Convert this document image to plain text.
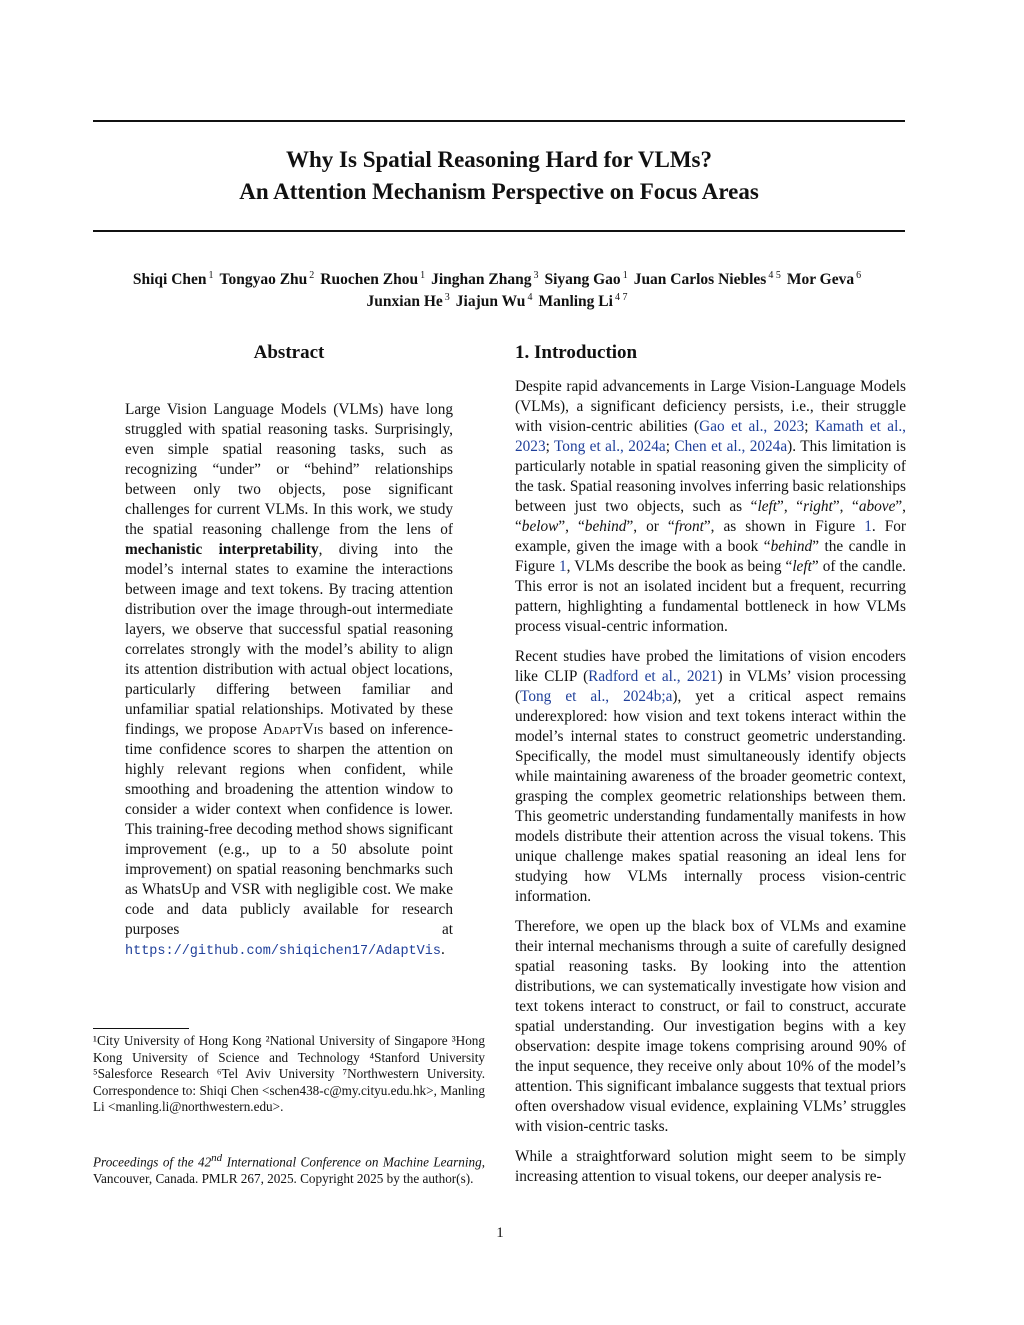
Why Is Spatial Reasoning Hard for VLMs?
An Attention Mechanism Perspective on Focus Areas
Shiqi Chen $^1$ Tongyao Zhu $^2$ Ruochen Zhou $^1$ Jinghan Zhang $^3$ Siyang Gao $^1$ Juan Carlos Niebles $^{4 5}$ Mor Geva $^6$
Junxian He $^3$ Jiajun Wu $^4$ Manling Li $^{4 7}$
Abstract
Large Vision Language Models (VLMs) have long struggled with spatial reasoning tasks. Surprisingly, even simple spatial reasoning tasks, such as recognizing “under” or “behind” relationships between only two objects, pose significant challenges for current VLMs. In this work, we study the spatial reasoning challenge from the lens of mechanistic interpretability, diving into the model’s internal states to examine the interactions between image and text tokens. By tracing attention distribution over the image through-out intermediate layers, we observe that successful spatial reasoning correlates strongly with the model’s ability to align its attention distribution with actual object locations, particularly differing between familiar and unfamiliar spatial relationships. Motivated by these findings, we propose AdaptVis based on inference-time confidence scores to sharpen the attention on highly relevant regions when confident, while smoothing and broadening the attention window to consider a wider context when confidence is lower. This training-free decoding method shows significant improvement (e.g., up to a 50 absolute point improvement) on spatial reasoning benchmarks such as WhatsUp and VSR with negligible cost. We make code and data publicly available for research purposes at https://github.com/shiqichen17/AdaptVis.
¹City University of Hong Kong ²National University of Singapore ³Hong Kong University of Science and Technology ⁴Stanford University ⁵Salesforce Research ⁶Tel Aviv University ⁷Northwestern University. Correspondence to: Shiqi Chen <schen438-c@my.cityu.edu.hk>, Manling Li <manling.li@northwestern.edu>.
Proceedings of the 42nd International Conference on Machine Learning, Vancouver, Canada. PMLR 267, 2025. Copyright 2025 by the author(s).
1. Introduction

Despite rapid advancements in Large Vision-Language Models (VLMs), a significant deficiency persists, i.e., their struggle with vision-centric abilities (Gao et al., 2023; Kamath et al., 2023; Tong et al., 2024a; Chen et al., 2024a). This limitation is particularly notable in spatial reasoning given the simplicity of the task. Spatial reasoning involves inferring basic relationships between just two objects, such as “left”, “right”, “above”, “below”, “behind”, or “front”, as shown in Figure 1. For example, given the image with a book “behind” the candle in Figure 1, VLMs describe the book as being “left” of the candle. This error is not an isolated incident but a frequent, recurring pattern, highlighting a fundamental bottleneck in how VLMs process visual-centric information.

Recent studies have probed the limitations of vision encoders like CLIP (Radford et al., 2021) in VLMs’ vision processing (Tong et al., 2024b;a), yet a critical aspect remains underexplored: how vision and text tokens interact within the model’s internal states to construct geometric understanding. Specifically, the model must simultaneously identify objects while maintaining awareness of the broader geometric context, grasping the complex geometric relationships between them. This geometric understanding fundamentally manifests in how models distribute their attention across the visual tokens. This unique challenge makes spatial reasoning an ideal lens for studying how VLMs internally process vision-centric information.

Therefore, we open up the black box of VLMs and examine their internal mechanisms through a suite of carefully designed spatial reasoning tasks. By looking into the attention distributions, we can systematically investigate how vision and text tokens interact to construct, or fail to construct, accurate spatial understanding. Our investigation begins with a key observation: despite image tokens comprising around 90% of the input sequence, they receive only about 10% of the model’s attention. This significant imbalance suggests that textual priors often overshadow visual evidence, explaining VLMs’ struggles with vision-centric tasks.

While a straightforward solution might seem to be simply increasing attention to visual tokens, our deeper analysis re-

1
